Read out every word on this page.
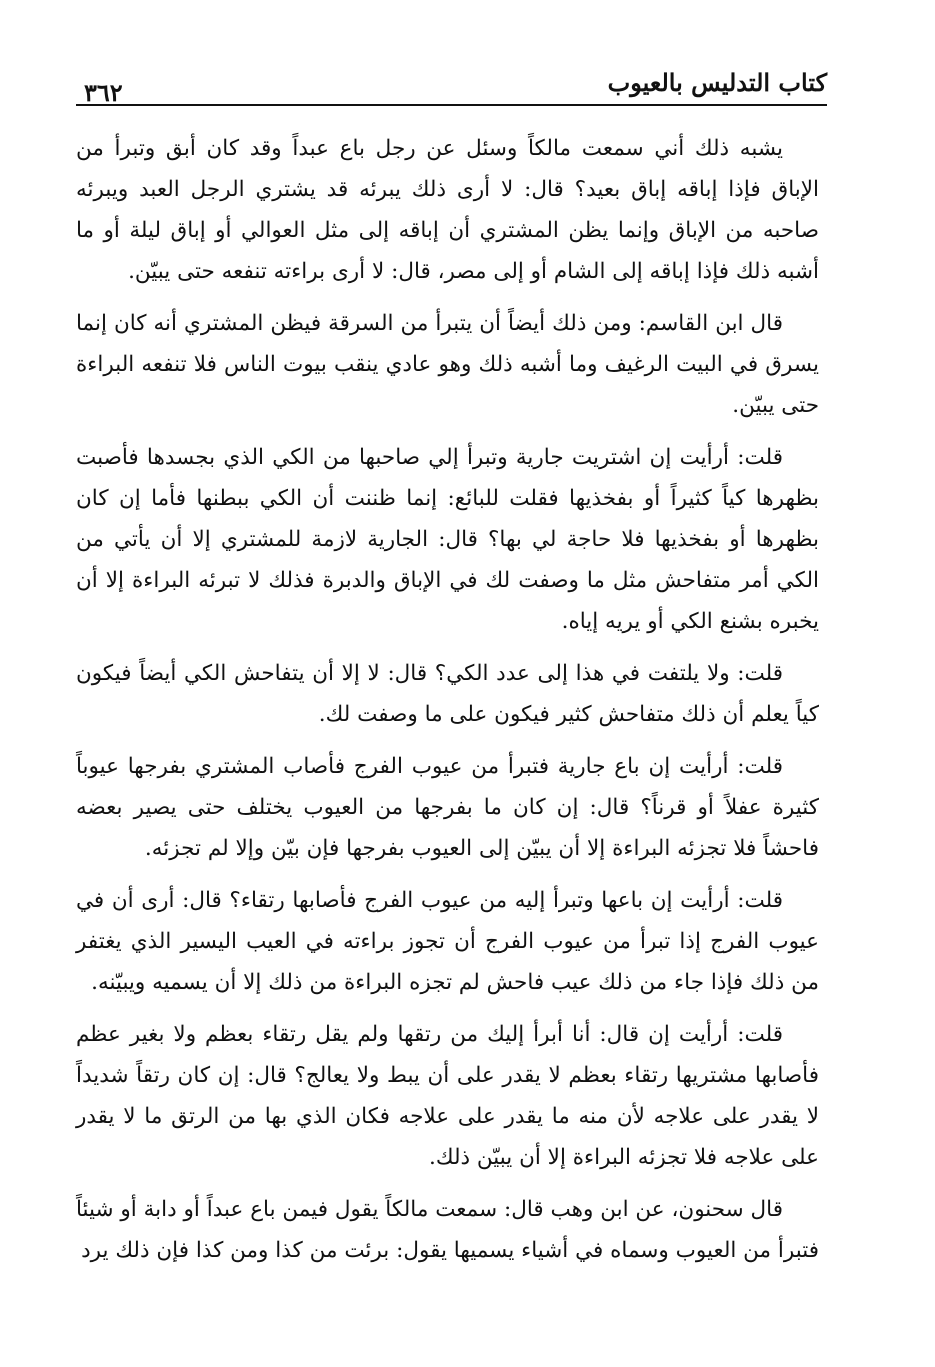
كتاب التدليس بالعيوب
٣٦٢

يشبه ذلك أني سمعت مالكاً وسئل عن رجل باع عبداً وقد كان أبق وتبرأ من الإباق فإذا إباقه إباق بعيد؟ قال: لا أرى ذلك يبرئه قد يشتري الرجل العبد ويبرئه صاحبه من الإباق وإنما يظن المشتري أن إباقه إلى مثل العوالي أو إباق ليلة أو ما أشبه ذلك فإذا إباقه إلى الشام أو إلى مصر، قال: لا أرى براءته تنفعه حتى يبيّن.

قال ابن القاسم: ومن ذلك أيضاً أن يتبرأ من السرقة فيظن المشتري أنه كان إنما يسرق في البيت الرغيف وما أشبه ذلك وهو عادي ينقب بيوت الناس فلا تنفعه البراءة حتى يبيّن.

قلت: أرأيت إن اشتريت جارية وتبرأ إلي صاحبها من الكي الذي بجسدها فأصبت بظهرها كياً كثيراً أو بفخذيها فقلت للبائع: إنما ظننت أن الكي ببطنها فأما إن كان بظهرها أو بفخذيها فلا حاجة لي بها؟ قال: الجارية لازمة للمشتري إلا أن يأتي من الكي أمر متفاحش مثل ما وصفت لك في الإباق والدبرة فذلك لا تبرئه البراءة إلا أن يخبره بشنع الكي أو يريه إياه.

قلت: ولا يلتفت في هذا إلى عدد الكي؟ قال: لا إلا أن يتفاحش الكي أيضاً فيكون كياً يعلم أن ذلك متفاحش كثير فيكون على ما وصفت لك.

قلت: أرأيت إن باع جارية فتبرأ من عيوب الفرج فأصاب المشتري بفرجها عيوباً كثيرة عفلاً أو قرناً؟ قال: إن كان ما بفرجها من العيوب يختلف حتى يصير بعضه فاحشاً فلا تجزئه البراءة إلا أن يبيّن إلى العيوب بفرجها فإن بيّن وإلا لم تجزئه.

قلت: أرأيت إن باعها وتبرأ إليه من عيوب الفرج فأصابها رتقاء؟ قال: أرى أن في عيوب الفرج إذا تبرأ من عيوب الفرج أن تجوز براءته في العيب اليسير الذي يغتفر من ذلك فإذا جاء من ذلك عيب فاحش لم تجزه البراءة من ذلك إلا أن يسميه ويبيّنه.

قلت: أرأيت إن قال: أنا أبرأ إليك من رتقها ولم يقل رتقاء بعظم ولا بغير عظم فأصابها مشتريها رتقاء بعظم لا يقدر على أن يبط ولا يعالج؟ قال: إن كان رتقاً شديداً لا يقدر على علاجه لأن منه ما يقدر على علاجه فكان الذي بها من الرتق ما لا يقدر على علاجه فلا تجزئه البراءة إلا أن يبيّن ذلك.

قال سحنون، عن ابن وهب قال: سمعت مالكاً يقول فيمن باع عبداً أو دابة أو شيئاً فتبرأ من العيوب وسماه في أشياء يسميها يقول: برئت من كذا ومن كذا فإن ذلك يرد
